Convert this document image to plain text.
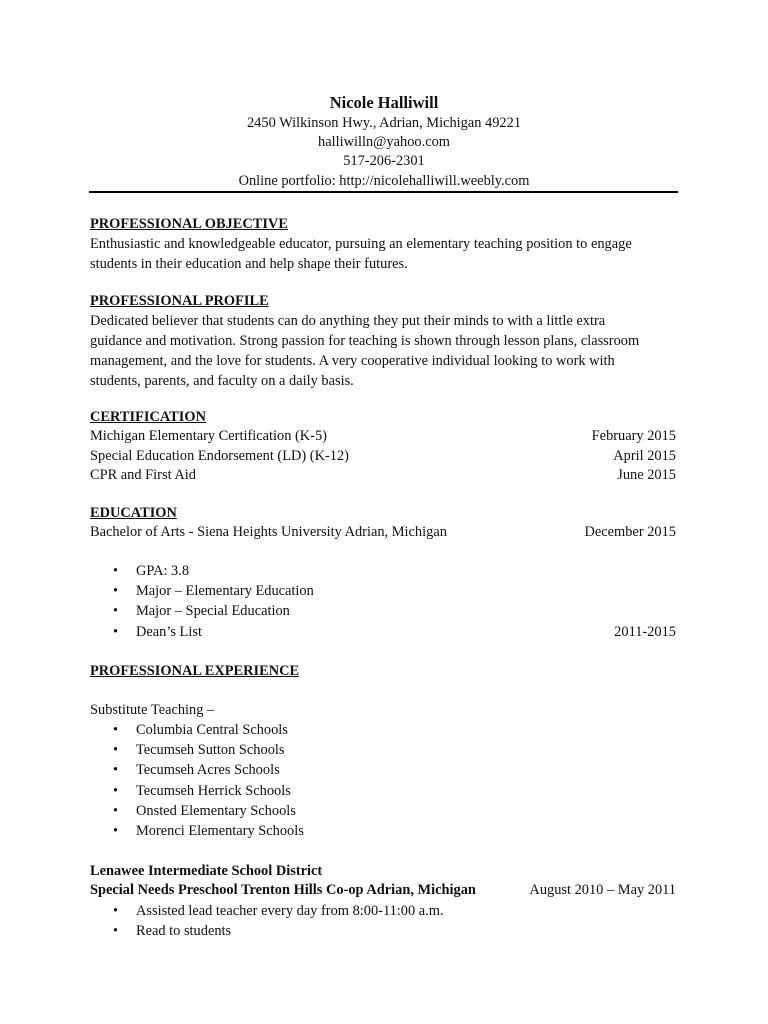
Nicole Halliwill
2450 Wilkinson Hwy., Adrian, Michigan 49221
halliwilln@yahoo.com
517-206-2301
Online portfolio: http://nicolehalliwill.weebly.com
PROFESSIONAL OBJECTIVE
Enthusiastic and knowledgeable educator, pursuing an elementary teaching position to engage
students in their education and help shape their futures.
PROFESSIONAL PROFILE
Dedicated believer that students can do anything they put their minds to with a little extra
guidance and motivation. Strong passion for teaching is shown through lesson plans, classroom
management, and the love for students. A very cooperative individual looking to work with
students, parents, and faculty on a daily basis.
CERTIFICATION
Michigan Elementary Certification (K-5)	February 2015
Special Education Endorsement (LD) (K-12)	April 2015
CPR and First Aid	June 2015
EDUCATION
Bachelor of Arts - Siena Heights University Adrian, Michigan	December 2015
• GPA: 3.8
• Major – Elementary Education
• Major – Special Education
• Dean’s List	2011-2015
PROFESSIONAL EXPERIENCE
Substitute Teaching –
• Columbia Central Schools
• Tecumseh Sutton Schools
• Tecumseh Acres Schools
• Tecumseh Herrick Schools
• Onsted Elementary Schools
• Morenci Elementary Schools
Lenawee Intermediate School District
Special Needs Preschool Trenton Hills Co-op Adrian, Michigan	August 2010 – May 2011
• Assisted lead teacher every day from 8:00-11:00 a.m.
• Read to students
